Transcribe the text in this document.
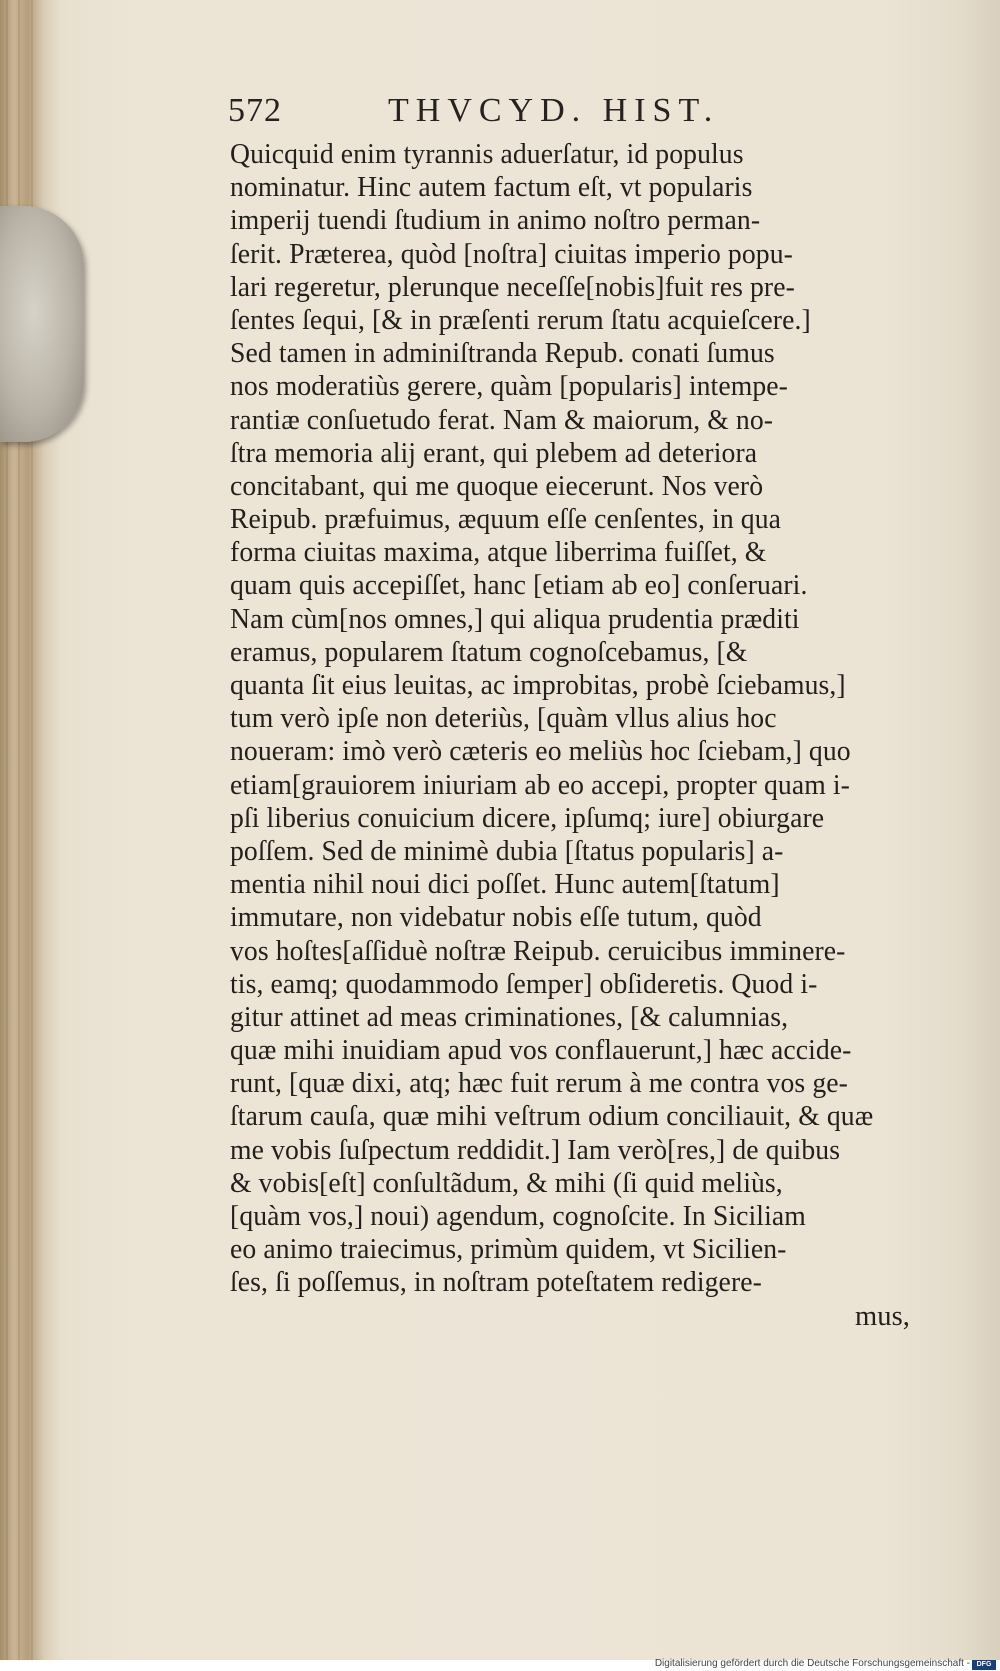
572	THVCYD. HIST.
Quicquid enim tyrannis aduerſatur, id populus
nominatur. Hinc autem factum eſt, vt popularis
imperij tuendi ſtudium in animo noſtro perman-
ſerit. Præterea, quòd [noſtra] ciuitas imperio popu-
lari regeretur, plerunque neceſſe[nobis]fuit res pre-
ſentes ſequi, [& in præſenti rerum ſtatu acquieſcere.]
Sed tamen in adminiſtranda Repub. conati ſumus
nos moderatiùs gerere, quàm [popularis] intempe-
rantiæ conſuetudo ferat. Nam & maiorum, & no-
ſtra memoria alij erant, qui plebem ad deteriora
concitabant, qui me quoque eiecerunt. Nos verò
Reipub. præfuimus, æquum eſſe cenſentes, in qua
forma ciuitas maxima, atque liberrima fuiſſet, &
quam quis accepiſſet, hanc [etiam ab eo] conſeruari.
Nam cùm[nos omnes,] qui aliqua prudentia præditi
eramus, popularem ſtatum cognoſcebamus, [&
quanta ſit eius leuitas, ac improbitas, probè ſciebamus,]
tum verò ipſe non deteriùs, [quàm vllus alius hoc
noueram: imò verò cæteris eo meliùs hoc ſciebam,] quo
etiam[grauiorem iniuriam ab eo accepi, propter quam i-
pſi liberius conuicium dicere, ipſumq; iure] obiurgare
poſſem. Sed de minimè dubia [ſtatus popularis] a-
mentia nihil noui dici poſſet. Hunc autem[ſtatum]
immutare, non videbatur nobis eſſe tutum, quòd
vos hoſtes[aſſiduè noſtræ Reipub. ceruicibus imminere-
tis, eamq; quodammodo ſemper] obſideretis. Quod i-
gitur attinet ad meas criminationes, [& calumnias,
quæ mihi inuidiam apud vos conflauerunt,] hæc accide-
runt, [quæ dixi, atq; hæc fuit rerum à me contra vos ge-
ſtarum cauſa, quæ mihi veſtrum odium conciliauit, & quæ
me vobis ſuſpectum reddidit.] Iam verò[res,] de quibus
& vobis[eſt] conſultãdum, & mihi (ſi quid meliùs,
[quàm vos,] noui) agendum, cognoſcite. In Siciliam
eo animo traiecimus, primùm quidem, vt Sicilien-
ſes, ſi poſſemus, in noſtram poteſtatem redigere-
mus,
Digitalisierung gefördert durch die Deutsche Forschungsgemeinschaft - DFG
